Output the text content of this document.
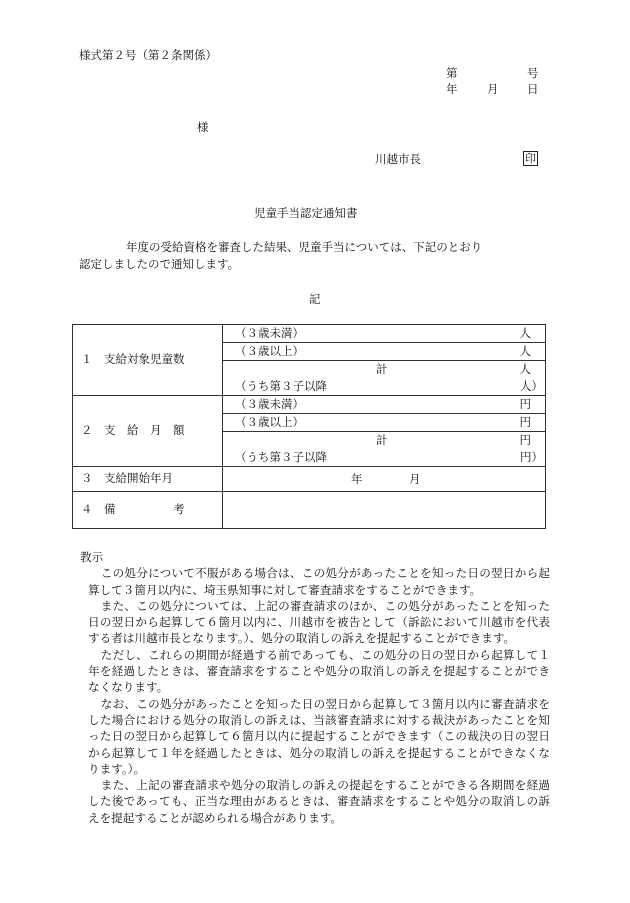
様式第２号（第２条関係）
第	号
年	月 日
様
川越市長	印
児童手当認定通知書
年度の受給資格を審査した結果、児童手当については、下記のとおり
認定しましたので通知します。
記
１　支給対象児童数	（３歳未満） 人

	（３歳以上） 人

	計 人

	（うち第３子以降 人）

２　支　給　月　額	（３歳未満） 円

	（３歳以上） 円

	計 円

	（うち第３子以降 円）

３　支給開始年月	年 月

４　備　　　　　考	

教示

この処分について不服がある場合は、この処分があったことを知った日の翌日から起算して３箇月以内に、埼玉県知事に対して審査請求をすることができます。

また、この処分については、上記の審査請求のほか、この処分があったことを知った日の翌日から起算して６箇月以内に、川越市を被告として（訴訟において川越市を代表する者は川越市長となります。）、処分の取消しの訴えを提起することができます。

ただし、これらの期間が経過する前であっても、この処分の日の翌日から起算して１年を経過したときは、審査請求をすることや処分の取消しの訴えを提起することができなくなります。

なお、この処分があったことを知った日の翌日から起算して３箇月以内に審査請求をした場合における処分の取消しの訴えは、当該審査請求に対する裁決があったことを知った日の翌日から起算して６箇月以内に提起することができます（この裁決の日の翌日から起算して１年を経過したときは、処分の取消しの訴えを提起することができなくなります。）。

また、上記の審査請求や処分の取消しの訴えの提起をすることができる各期間を経過した後であっても、正当な理由があるときは、審査請求をすることや処分の取消しの訴えを提起することが認められる場合があります。
